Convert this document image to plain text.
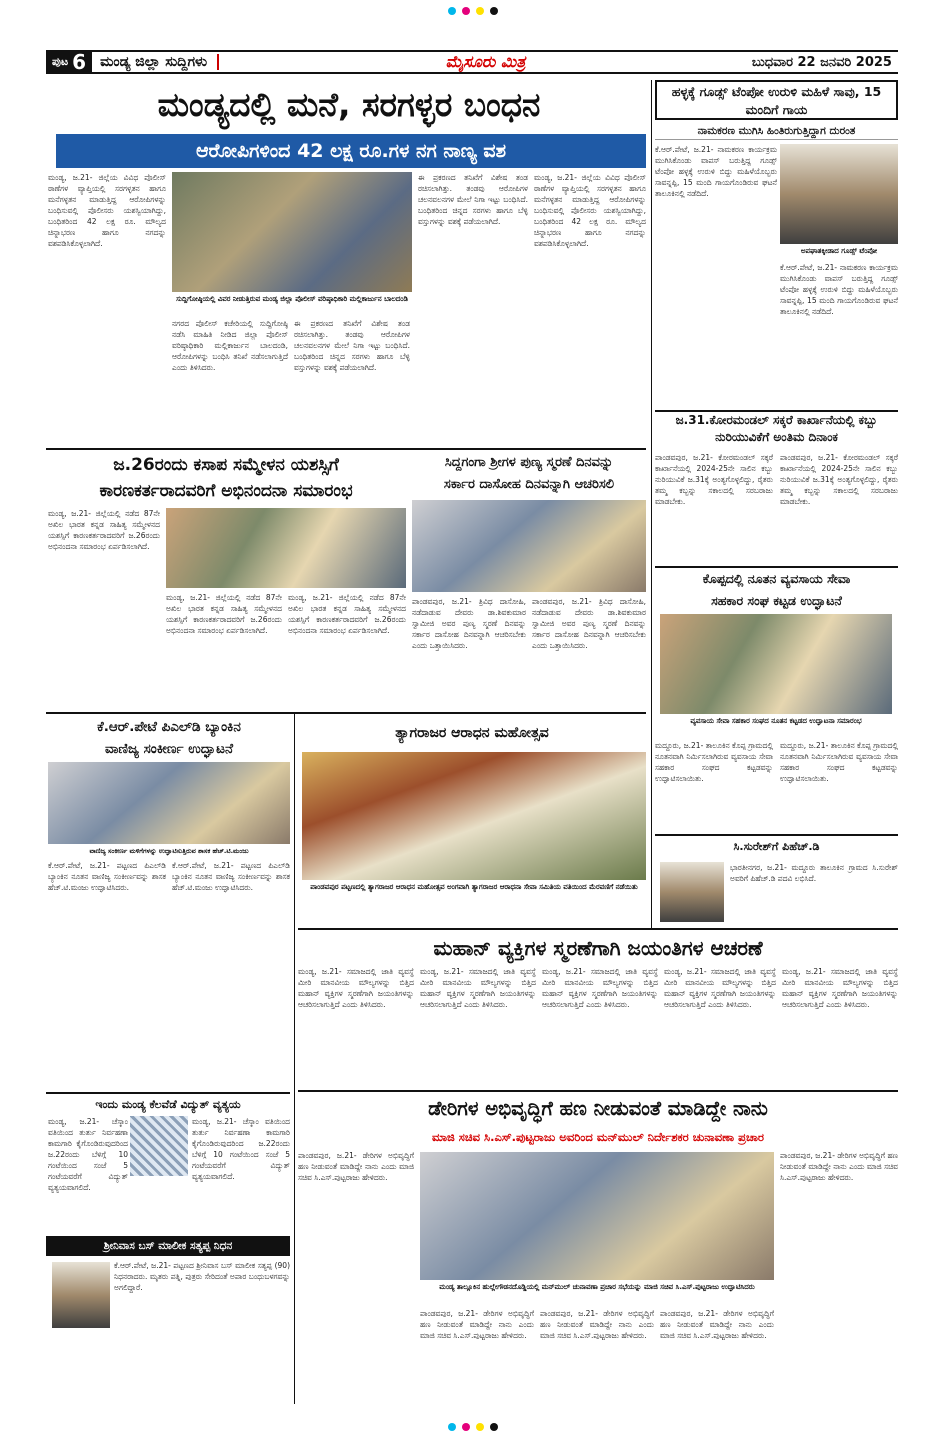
ಪುಟ 6 ಮಂಡ್ಯ ಜಿಲ್ಲಾ ಸುದ್ದಿಗಳು	ಮೈಸೂರು ಮಿತ್ರ	ಬುಧವಾರ 22 ಜನವರಿ 2025
ಮಂಡ್ಯದಲ್ಲಿ ಮನೆ, ಸರಗಳ್ಳರ ಬಂಧನ
ಆರೋಪಿಗಳಿಂದ 42 ಲಕ್ಷ ರೂ.ಗಳ ನಗ ನಾಣ್ಯ ವಶ
ಮಂಡ್ಯ, ಜ.21- ಜಿಲ್ಲೆಯ ವಿವಿಧ ಪೊಲೀಸ್ ಠಾಣೆಗಳ ವ್ಯಾಪ್ತಿಯಲ್ಲಿ ಸರಗಳ್ಳತನ ಹಾಗೂ ಮನೆಗಳ್ಳತನ ಮಾಡುತ್ತಿದ್ದ ಆರೋಪಿಗಳನ್ನು ಬಂಧಿಸುವಲ್ಲಿ ಪೊಲೀಸರು ಯಶಸ್ವಿಯಾಗಿದ್ದು, ಬಂಧಿತರಿಂದ 42 ಲಕ್ಷ ರೂ. ಮೌಲ್ಯದ ಚಿನ್ನಾಭರಣ ಹಾಗೂ ನಗದನ್ನು ವಶಪಡಿಸಿಕೊಳ್ಳಲಾಗಿದೆ.
ಸುದ್ದಿಗೋಷ್ಠಿಯಲ್ಲಿ ವಿವರ ನೀಡುತ್ತಿರುವ ಮಂಡ್ಯ ಜಿಲ್ಲಾ ಪೊಲೀಸ್ ವರಿಷ್ಠಾಧಿಕಾರಿ ಮಲ್ಲಿಕಾರ್ಜುನ ಬಾಲದಂಡಿ
ನಗರದ ಪೊಲೀಸ್ ಕಚೇರಿಯಲ್ಲಿ ಸುದ್ದಿಗೋಷ್ಠಿ ನಡೆಸಿ ಮಾಹಿತಿ ನೀಡಿದ ಜಿಲ್ಲಾ ಪೊಲೀಸ್ ವರಿಷ್ಠಾಧಿಕಾರಿ ಮಲ್ಲಿಕಾರ್ಜುನ ಬಾಲದಂಡಿ, ಆರೋಪಿಗಳನ್ನು ಬಂಧಿಸಿ ತನಿಖೆ ನಡೆಸಲಾಗುತ್ತಿದೆ ಎಂದು ತಿಳಿಸಿದರು.
ಈ ಪ್ರಕರಣದ ತನಿಖೆಗೆ ವಿಶೇಷ ತಂಡ ರಚಿಸಲಾಗಿತ್ತು. ತಂಡವು ಆರೋಪಿಗಳ ಚಲನವಲನಗಳ ಮೇಲೆ ನಿಗಾ ಇಟ್ಟು ಬಂಧಿಸಿದೆ. ಬಂಧಿತರಿಂದ ಚಿನ್ನದ ಸರಗಳು ಹಾಗೂ ಬೆಳ್ಳಿ ವಸ್ತುಗಳನ್ನು ವಶಕ್ಕೆ ಪಡೆಯಲಾಗಿದೆ.
ಈ ಪ್ರಕರಣದ ತನಿಖೆಗೆ ವಿಶೇಷ ತಂಡ ರಚಿಸಲಾಗಿತ್ತು. ತಂಡವು ಆರೋಪಿಗಳ ಚಲನವಲನಗಳ ಮೇಲೆ ನಿಗಾ ಇಟ್ಟು ಬಂಧಿಸಿದೆ. ಬಂಧಿತರಿಂದ ಚಿನ್ನದ ಸರಗಳು ಹಾಗೂ ಬೆಳ್ಳಿ ವಸ್ತುಗಳನ್ನು ವಶಕ್ಕೆ ಪಡೆಯಲಾಗಿದೆ.
ಮಂಡ್ಯ, ಜ.21- ಜಿಲ್ಲೆಯ ವಿವಿಧ ಪೊಲೀಸ್ ಠಾಣೆಗಳ ವ್ಯಾಪ್ತಿಯಲ್ಲಿ ಸರಗಳ್ಳತನ ಹಾಗೂ ಮನೆಗಳ್ಳತನ ಮಾಡುತ್ತಿದ್ದ ಆರೋಪಿಗಳನ್ನು ಬಂಧಿಸುವಲ್ಲಿ ಪೊಲೀಸರು ಯಶಸ್ವಿಯಾಗಿದ್ದು, ಬಂಧಿತರಿಂದ 42 ಲಕ್ಷ ರೂ. ಮೌಲ್ಯದ ಚಿನ್ನಾಭರಣ ಹಾಗೂ ನಗದನ್ನು ವಶಪಡಿಸಿಕೊಳ್ಳಲಾಗಿದೆ.
ಹಳ್ಳಕ್ಕೆ ಗೂಡ್ಸ್ ಟೆಂಪೋ ಉರುಳಿ ಮಹಿಳೆ ಸಾವು, 15 ಮಂದಿಗೆ ಗಾಯ
ನಾಮಕರಣ ಮುಗಿಸಿ ಹಿಂತಿರುಗುತ್ತಿದ್ದಾಗ ದುರಂತ
ಕೆ.ಆರ್.ಪೇಟೆ, ಜ.21- ನಾಮಕರಣ ಕಾರ್ಯಕ್ರಮ ಮುಗಿಸಿಕೊಂಡು ವಾಪಸ್ ಬರುತ್ತಿದ್ದ ಗೂಡ್ಸ್ ಟೆಂಪೋ ಹಳ್ಳಕ್ಕೆ ಉರುಳಿ ಬಿದ್ದು ಮಹಿಳೆಯೊಬ್ಬರು ಸಾವನ್ನಪ್ಪಿ, 15 ಮಂದಿ ಗಾಯಗೊಂಡಿರುವ ಘಟನೆ ತಾಲೂಕಿನಲ್ಲಿ ನಡೆದಿದೆ.
ಅಪಘಾತಕ್ಕೀಡಾದ ಗೂಡ್ಸ್ ಟೆಂಪೋ
ಕೆ.ಆರ್.ಪೇಟೆ, ಜ.21- ನಾಮಕರಣ ಕಾರ್ಯಕ್ರಮ ಮುಗಿಸಿಕೊಂಡು ವಾಪಸ್ ಬರುತ್ತಿದ್ದ ಗೂಡ್ಸ್ ಟೆಂಪೋ ಹಳ್ಳಕ್ಕೆ ಉರುಳಿ ಬಿದ್ದು ಮಹಿಳೆಯೊಬ್ಬರು ಸಾವನ್ನಪ್ಪಿ, 15 ಮಂದಿ ಗಾಯಗೊಂಡಿರುವ ಘಟನೆ ತಾಲೂಕಿನಲ್ಲಿ ನಡೆದಿದೆ.
ಜ.31.ಕೋರಮಂಡಲ್ ಸಕ್ಕರೆ ಕಾರ್ಖಾನೆಯಲ್ಲಿ ಕಬ್ಬು ನುರಿಯುವಿಕೆಗೆ ಅಂತಿಮ ದಿನಾಂಕ
ಪಾಂಡವಪುರ, ಜ.21- ಕೋರಮಂಡಲ್ ಸಕ್ಕರೆ ಕಾರ್ಖಾನೆಯಲ್ಲಿ 2024-25ನೇ ಸಾಲಿನ ಕಬ್ಬು ನುರಿಯುವಿಕೆ ಜ.31ಕ್ಕೆ ಅಂತ್ಯಗೊಳ್ಳಲಿದ್ದು, ರೈತರು ತಮ್ಮ ಕಬ್ಬನ್ನು ಸಕಾಲದಲ್ಲಿ ಸರಬರಾಜು ಮಾಡಬೇಕು.
ಪಾಂಡವಪುರ, ಜ.21- ಕೋರಮಂಡಲ್ ಸಕ್ಕರೆ ಕಾರ್ಖಾನೆಯಲ್ಲಿ 2024-25ನೇ ಸಾಲಿನ ಕಬ್ಬು ನುರಿಯುವಿಕೆ ಜ.31ಕ್ಕೆ ಅಂತ್ಯಗೊಳ್ಳಲಿದ್ದು, ರೈತರು ತಮ್ಮ ಕಬ್ಬನ್ನು ಸಕಾಲದಲ್ಲಿ ಸರಬರಾಜು ಮಾಡಬೇಕು.
ಜ.26ರಂದು ಕಸಾಪ ಸಮ್ಮೇಳನ ಯಶಸ್ಸಿಗೆ
ಕಾರಣಕರ್ತರಾದವರಿಗೆ ಅಭಿನಂದನಾ ಸಮಾರಂಭ
ಮಂಡ್ಯ, ಜ.21- ಜಿಲ್ಲೆಯಲ್ಲಿ ನಡೆದ 87ನೇ ಅಖಿಲ ಭಾರತ ಕನ್ನಡ ಸಾಹಿತ್ಯ ಸಮ್ಮೇಳನದ ಯಶಸ್ಸಿಗೆ ಕಾರಣಕರ್ತರಾದವರಿಗೆ ಜ.26ರಂದು ಅಭಿನಂದನಾ ಸಮಾರಂಭ ಏರ್ಪಡಿಸಲಾಗಿದೆ.
ಮಂಡ್ಯ, ಜ.21- ಜಿಲ್ಲೆಯಲ್ಲಿ ನಡೆದ 87ನೇ ಅಖಿಲ ಭಾರತ ಕನ್ನಡ ಸಾಹಿತ್ಯ ಸಮ್ಮೇಳನದ ಯಶಸ್ಸಿಗೆ ಕಾರಣಕರ್ತರಾದವರಿಗೆ ಜ.26ರಂದು ಅಭಿನಂದನಾ ಸಮಾರಂಭ ಏರ್ಪಡಿಸಲಾಗಿದೆ.
ಮಂಡ್ಯ, ಜ.21- ಜಿಲ್ಲೆಯಲ್ಲಿ ನಡೆದ 87ನೇ ಅಖಿಲ ಭಾರತ ಕನ್ನಡ ಸಾಹಿತ್ಯ ಸಮ್ಮೇಳನದ ಯಶಸ್ಸಿಗೆ ಕಾರಣಕರ್ತರಾದವರಿಗೆ ಜ.26ರಂದು ಅಭಿನಂದನಾ ಸಮಾರಂಭ ಏರ್ಪಡಿಸಲಾಗಿದೆ.
ಸಿದ್ದಗಂಗಾ ಶ್ರೀಗಳ ಪುಣ್ಯ ಸ್ಮರಣೆ ದಿನವನ್ನು
ಸರ್ಕಾರ ದಾಸೋಹ ದಿನವನ್ನಾಗಿ ಆಚರಿಸಲಿ
ಪಾಂಡವಪುರ, ಜ.21- ತ್ರಿವಿಧ ದಾಸೋಹಿ, ನಡೆದಾಡುವ ದೇವರು ಡಾ.ಶಿವಕುಮಾರ ಸ್ವಾಮೀಜಿ ಅವರ ಪುಣ್ಯ ಸ್ಮರಣೆ ದಿನವನ್ನು ಸರ್ಕಾರ ದಾಸೋಹ ದಿನವನ್ನಾಗಿ ಆಚರಿಸಬೇಕು ಎಂದು ಒತ್ತಾಯಿಸಿದರು.
ಪಾಂಡವಪುರ, ಜ.21- ತ್ರಿವಿಧ ದಾಸೋಹಿ, ನಡೆದಾಡುವ ದೇವರು ಡಾ.ಶಿವಕುಮಾರ ಸ್ವಾಮೀಜಿ ಅವರ ಪುಣ್ಯ ಸ್ಮರಣೆ ದಿನವನ್ನು ಸರ್ಕಾರ ದಾಸೋಹ ದಿನವನ್ನಾಗಿ ಆಚರಿಸಬೇಕು ಎಂದು ಒತ್ತಾಯಿಸಿದರು.
ಕೊಪ್ಪದಲ್ಲಿ ನೂತನ ವ್ಯವಸಾಯ ಸೇವಾ
ಸಹಕಾರ ಸಂಘ ಕಟ್ಟಡ ಉದ್ಘಾಟನೆ
ವ್ಯವಸಾಯ ಸೇವಾ ಸಹಕಾರ ಸಂಘದ ನೂತನ ಕಟ್ಟಡದ ಉದ್ಘಾಟನಾ ಸಮಾರಂಭ
ಮದ್ದೂರು, ಜ.21- ತಾಲೂಕಿನ ಕೊಪ್ಪ ಗ್ರಾಮದಲ್ಲಿ ನೂತನವಾಗಿ ನಿರ್ಮಿಸಲಾಗಿರುವ ವ್ಯವಸಾಯ ಸೇವಾ ಸಹಕಾರ ಸಂಘದ ಕಟ್ಟಡವನ್ನು ಉದ್ಘಾಟಿಸಲಾಯಿತು.
ಮದ್ದೂರು, ಜ.21- ತಾಲೂಕಿನ ಕೊಪ್ಪ ಗ್ರಾಮದಲ್ಲಿ ನೂತನವಾಗಿ ನಿರ್ಮಿಸಲಾಗಿರುವ ವ್ಯವಸಾಯ ಸೇವಾ ಸಹಕಾರ ಸಂಘದ ಕಟ್ಟಡವನ್ನು ಉದ್ಘಾಟಿಸಲಾಯಿತು.
ಕೆ.ಆರ್.ಪೇಟೆ ಪಿಎಲ್‌ಡಿ ಬ್ಯಾಂಕಿನ
ವಾಣಿಜ್ಯ ಸಂಕೀರ್ಣ ಉದ್ಘಾಟನೆ
ವಾಣಿಜ್ಯ ಸಂಕೀರ್ಣ ಮಳಿಗೆಗಳನ್ನು ಉದ್ಘಾಟಿಸುತ್ತಿರುವ ಶಾಸಕ ಹೆಚ್.ಟಿ.ಮಂಜು
ಕೆ.ಆರ್.ಪೇಟೆ, ಜ.21- ಪಟ್ಟಣದ ಪಿಎಲ್‌ಡಿ ಬ್ಯಾಂಕಿನ ನೂತನ ವಾಣಿಜ್ಯ ಸಂಕೀರ್ಣವನ್ನು ಶಾಸಕ ಹೆಚ್.ಟಿ.ಮಂಜು ಉದ್ಘಾಟಿಸಿದರು.
ಕೆ.ಆರ್.ಪೇಟೆ, ಜ.21- ಪಟ್ಟಣದ ಪಿಎಲ್‌ಡಿ ಬ್ಯಾಂಕಿನ ನೂತನ ವಾಣಿಜ್ಯ ಸಂಕೀರ್ಣವನ್ನು ಶಾಸಕ ಹೆಚ್.ಟಿ.ಮಂಜು ಉದ್ಘಾಟಿಸಿದರು.
ತ್ಯಾಗರಾಜರ ಆರಾಧನ ಮಹೋತ್ಸವ
ಪಾಂಡವಪುರ ಪಟ್ಟಣದಲ್ಲಿ ತ್ಯಾಗರಾಜರ ಆರಾಧನ ಮಹೋತ್ಸವ ಅಂಗವಾಗಿ ತ್ಯಾಗರಾಜರ ಆರಾಧನಾ ಸೇವಾ ಸಮಿತಿಯ ವತಿಯಿಂದ ಮೆರವಣಿಗೆ ನಡೆಯಿತು
ಸಿ.ಸುರೇಶ್‌ಗೆ ಪಿಹೆಚ್.ಡಿ
ಭಾರತೀನಗರ, ಜ.21- ಮದ್ದೂರು ತಾಲೂಕಿನ ಗ್ರಾಮದ ಸಿ.ಸುರೇಶ್ ಅವರಿಗೆ ಪಿಹೆಚ್.ಡಿ ಪದವಿ ಲಭಿಸಿದೆ.
ಮಹಾನ್ ವ್ಯಕ್ತಿಗಳ ಸ್ಮರಣೆಗಾಗಿ ಜಯಂತಿಗಳ ಆಚರಣೆ
ಮಂಡ್ಯ, ಜ.21- ಸಮಾಜದಲ್ಲಿ ಜಾತಿ ವ್ಯವಸ್ಥೆ ಮೀರಿ ಮಾನವೀಯ ಮೌಲ್ಯಗಳನ್ನು ಬಿತ್ತಿದ ಮಹಾನ್ ವ್ಯಕ್ತಿಗಳ ಸ್ಮರಣೆಗಾಗಿ ಜಯಂತಿಗಳನ್ನು ಆಚರಿಸಲಾಗುತ್ತಿದೆ ಎಂದು ತಿಳಿಸಿದರು.
ಮಂಡ್ಯ, ಜ.21- ಸಮಾಜದಲ್ಲಿ ಜಾತಿ ವ್ಯವಸ್ಥೆ ಮೀರಿ ಮಾನವೀಯ ಮೌಲ್ಯಗಳನ್ನು ಬಿತ್ತಿದ ಮಹಾನ್ ವ್ಯಕ್ತಿಗಳ ಸ್ಮರಣೆಗಾಗಿ ಜಯಂತಿಗಳನ್ನು ಆಚರಿಸಲಾಗುತ್ತಿದೆ ಎಂದು ತಿಳಿಸಿದರು.
ಮಂಡ್ಯ, ಜ.21- ಸಮಾಜದಲ್ಲಿ ಜಾತಿ ವ್ಯವಸ್ಥೆ ಮೀರಿ ಮಾನವೀಯ ಮೌಲ್ಯಗಳನ್ನು ಬಿತ್ತಿದ ಮಹಾನ್ ವ್ಯಕ್ತಿಗಳ ಸ್ಮರಣೆಗಾಗಿ ಜಯಂತಿಗಳನ್ನು ಆಚರಿಸಲಾಗುತ್ತಿದೆ ಎಂದು ತಿಳಿಸಿದರು.
ಮಂಡ್ಯ, ಜ.21- ಸಮಾಜದಲ್ಲಿ ಜಾತಿ ವ್ಯವಸ್ಥೆ ಮೀರಿ ಮಾನವೀಯ ಮೌಲ್ಯಗಳನ್ನು ಬಿತ್ತಿದ ಮಹಾನ್ ವ್ಯಕ್ತಿಗಳ ಸ್ಮರಣೆಗಾಗಿ ಜಯಂತಿಗಳನ್ನು ಆಚರಿಸಲಾಗುತ್ತಿದೆ ಎಂದು ತಿಳಿಸಿದರು.
ಮಂಡ್ಯ, ಜ.21- ಸಮಾಜದಲ್ಲಿ ಜಾತಿ ವ್ಯವಸ್ಥೆ ಮೀರಿ ಮಾನವೀಯ ಮೌಲ್ಯಗಳನ್ನು ಬಿತ್ತಿದ ಮಹಾನ್ ವ್ಯಕ್ತಿಗಳ ಸ್ಮರಣೆಗಾಗಿ ಜಯಂತಿಗಳನ್ನು ಆಚರಿಸಲಾಗುತ್ತಿದೆ ಎಂದು ತಿಳಿಸಿದರು.
ಇಂದು ಮಂಡ್ಯ ಕೆಲವೆಡೆ ವಿದ್ಯುತ್ ವ್ಯತ್ಯಯ
ಮಂಡ್ಯ, ಜ.21- ಚೆಸ್ಕಾಂ ವತಿಯಿಂದ ತುರ್ತು ನಿರ್ವಹಣಾ ಕಾಮಗಾರಿ ಕೈಗೊಂಡಿರುವುದರಿಂದ ಜ.22ರಂದು ಬೆಳಿಗ್ಗೆ 10 ಗಂಟೆಯಿಂದ ಸಂಜೆ 5 ಗಂಟೆಯವರೆಗೆ ವಿದ್ಯುತ್ ವ್ಯತ್ಯಯವಾಗಲಿದೆ.
ಮಂಡ್ಯ, ಜ.21- ಚೆಸ್ಕಾಂ ವತಿಯಿಂದ ತುರ್ತು ನಿರ್ವಹಣಾ ಕಾಮಗಾರಿ ಕೈಗೊಂಡಿರುವುದರಿಂದ ಜ.22ರಂದು ಬೆಳಿಗ್ಗೆ 10 ಗಂಟೆಯಿಂದ ಸಂಜೆ 5 ಗಂಟೆಯವರೆಗೆ ವಿದ್ಯುತ್ ವ್ಯತ್ಯಯವಾಗಲಿದೆ.
ಶ್ರೀನಿವಾಸ ಬಸ್ ಮಾಲೀಕ ಸತ್ಯಪ್ಪ ನಿಧನ
ಕೆ.ಆರ್.ಪೇಟೆ, ಜ.21- ಪಟ್ಟಣದ ಶ್ರೀನಿವಾಸ ಬಸ್ ಮಾಲೀಕ ಸತ್ಯಪ್ಪ (90) ನಿಧನರಾದರು. ಮೃತರು ಪತ್ನಿ, ಪುತ್ರರು ಸೇರಿದಂತೆ ಅಪಾರ ಬಂಧುಬಳಗವನ್ನು ಅಗಲಿದ್ದಾರೆ.
ಡೇರಿಗಳ ಅಭಿವೃದ್ಧಿಗೆ ಹಣ ನೀಡುವಂತೆ ಮಾಡಿದ್ದೇ ನಾನು
ಮಾಜಿ ಸಚಿವ ಸಿ.ಎಸ್.ಪುಟ್ಟರಾಜು ಅವರಿಂದ ಮನ್‌ಮುಲ್ ನಿರ್ದೇಶಕರ ಚುನಾವಣಾ ಪ್ರಚಾರ
ಪಾಂಡವಪುರ, ಜ.21- ಡೇರಿಗಳ ಅಭಿವೃದ್ಧಿಗೆ ಹಣ ನೀಡುವಂತೆ ಮಾಡಿದ್ದೇ ನಾನು ಎಂದು ಮಾಜಿ ಸಚಿವ ಸಿ.ಎಸ್.ಪುಟ್ಟರಾಜು ಹೇಳಿದರು.
ಮಂಡ್ಯ ತಾಲ್ಲೂಕಿನ ಹುಲ್ಲೇಗೌಡನದೊಡ್ಡಿಯಲ್ಲಿ ಮನ್‌ಮುಲ್ ಚುನಾವಣಾ ಪ್ರಚಾರ ಸಭೆಯನ್ನು ಮಾಜಿ ಸಚಿವ ಸಿ.ಎಸ್.ಪುಟ್ಟರಾಜು ಉದ್ಘಾಟಿಸಿದರು
ಪಾಂಡವಪುರ, ಜ.21- ಡೇರಿಗಳ ಅಭಿವೃದ್ಧಿಗೆ ಹಣ ನೀಡುವಂತೆ ಮಾಡಿದ್ದೇ ನಾನು ಎಂದು ಮಾಜಿ ಸಚಿವ ಸಿ.ಎಸ್.ಪುಟ್ಟರಾಜು ಹೇಳಿದರು.
ಪಾಂಡವಪುರ, ಜ.21- ಡೇರಿಗಳ ಅಭಿವೃದ್ಧಿಗೆ ಹಣ ನೀಡುವಂತೆ ಮಾಡಿದ್ದೇ ನಾನು ಎಂದು ಮಾಜಿ ಸಚಿವ ಸಿ.ಎಸ್.ಪುಟ್ಟರಾಜು ಹೇಳಿದರು.
ಪಾಂಡವಪುರ, ಜ.21- ಡೇರಿಗಳ ಅಭಿವೃದ್ಧಿಗೆ ಹಣ ನೀಡುವಂತೆ ಮಾಡಿದ್ದೇ ನಾನು ಎಂದು ಮಾಜಿ ಸಚಿವ ಸಿ.ಎಸ್.ಪುಟ್ಟರಾಜು ಹೇಳಿದರು.
ಪಾಂಡವಪುರ, ಜ.21- ಡೇರಿಗಳ ಅಭಿವೃದ್ಧಿಗೆ ಹಣ ನೀಡುವಂತೆ ಮಾಡಿದ್ದೇ ನಾನು ಎಂದು ಮಾಜಿ ಸಚಿವ ಸಿ.ಎಸ್.ಪುಟ್ಟರಾಜು ಹೇಳಿದರು.
